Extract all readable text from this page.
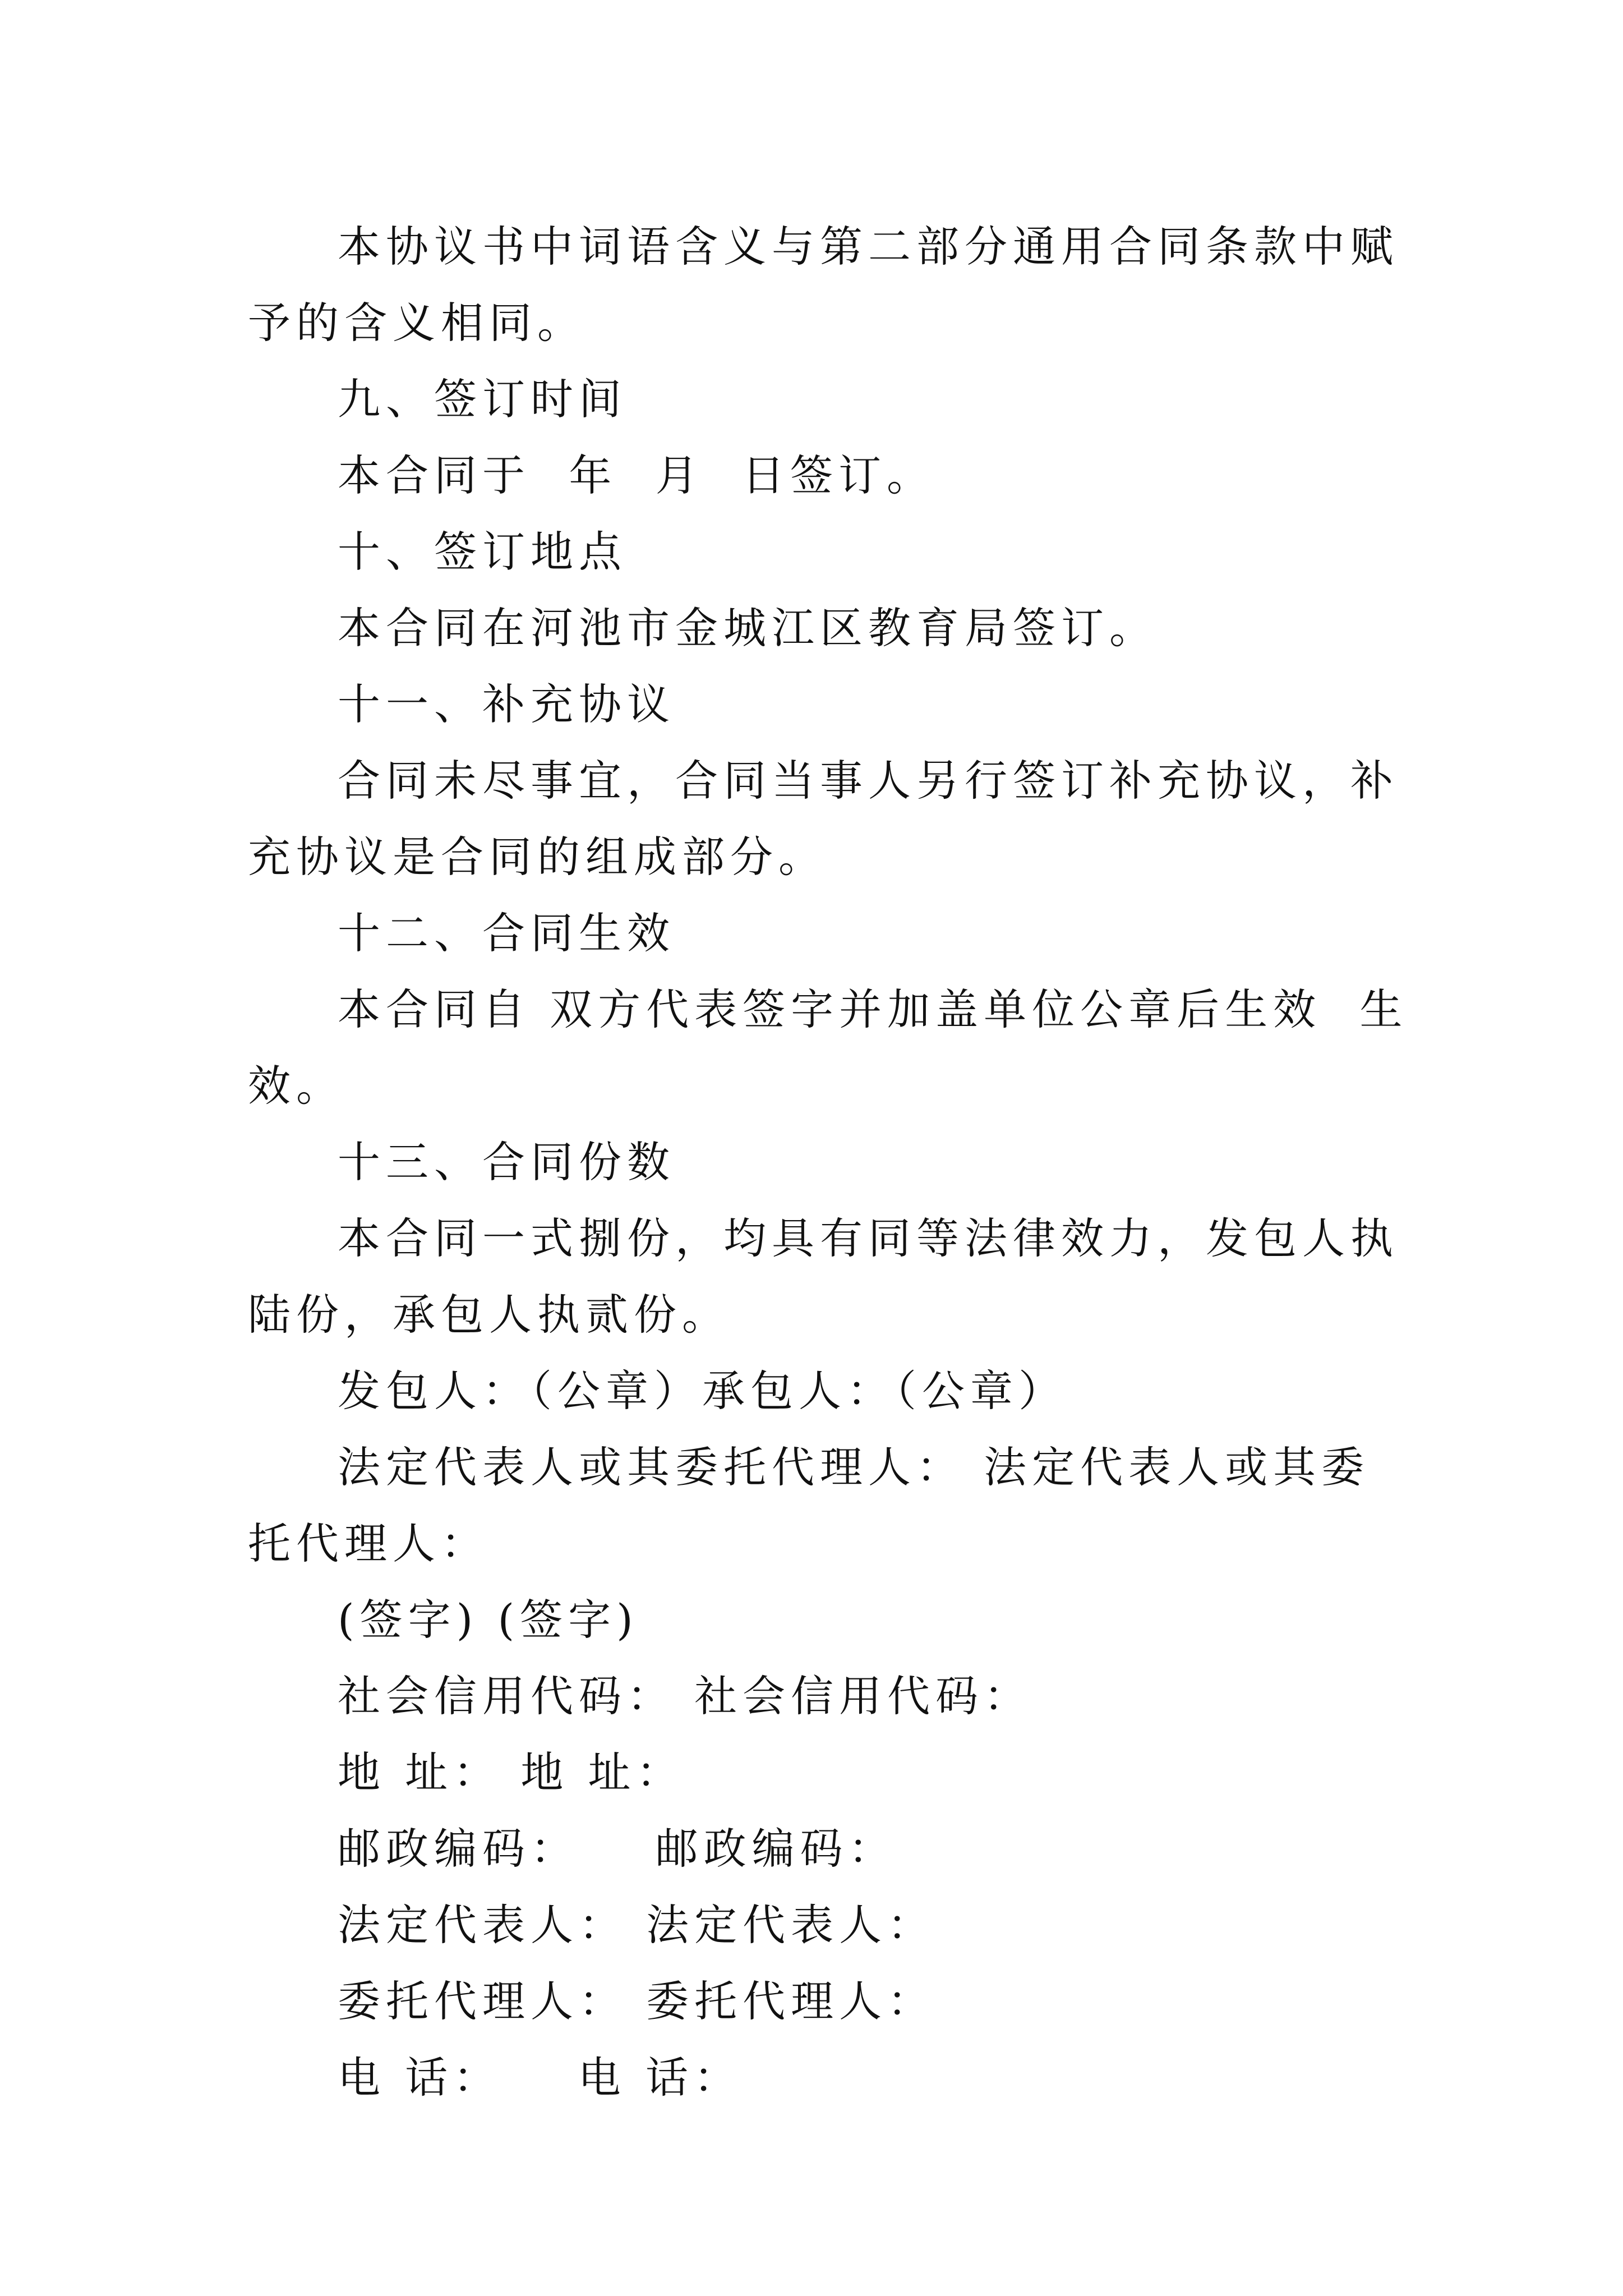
本协议书中词语含义与第二部分通用合同条款中赋予的含义相同。

九、签订时间

本合同于  年  月  日签订。

十、签订地点

本合同在河池市金城江区教育局签订。

十一、补充协议

合同未尽事宜，合同当事人另行签订补充协议，补充协议是合同的组成部分。

十二、合同生效

本合同自 双方代表签字并加盖单位公章后生效  生效。

十三、合同份数

本合同一式捌份，均具有同等法律效力，发包人执陆份，承包人执贰份。

发包人：（公章）承包人：（公章）

法定代表人或其委托代理人： 法定代表人或其委托代理人：

(签字) (签字)

社会信用代码： 社会信用代码：

地 址： 地 址：

邮政编码：    邮政编码：

法定代表人： 法定代表人：

委托代理人： 委托代理人：

电 话：    电 话：
